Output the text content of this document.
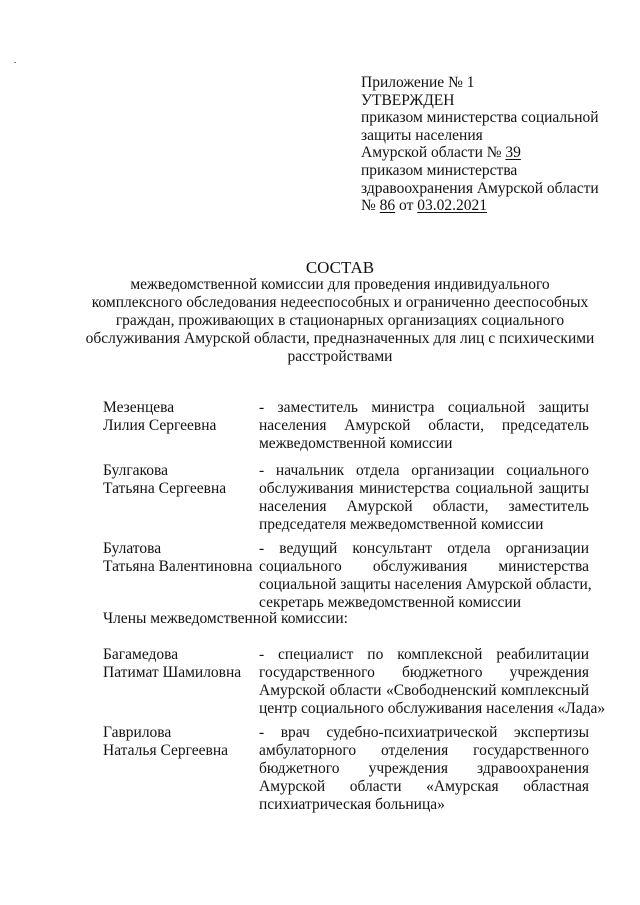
Приложение № 1
УТВЕРЖДЕН
приказом министерства социальной
защиты населения
Амурской области № 39
приказом министерства
здравоохранения Амурской области
№ 86 от 03.02.2021
СОСТАВ
межведомственной комиссии для проведения индивидуального
комплексного обследования недееспособных и ограниченно дееспособных
граждан, проживающих в стационарных организациях социального
обслуживания Амурской области, предназначенных для лиц с психическими
расстройствами
Мезенцева
Лилия Сергеевна
- заместитель министра социальной защиты
населения Амурской области, председатель
межведомственной комиссии
Булгакова
Татьяна Сергеевна
- начальник отдела организации социального
обслуживания министерства социальной защиты
населения Амурской области, заместитель
председателя межведомственной комиссии
Булатова
Татьяна Валентиновна
- ведущий консультант отдела организации
социального обслуживания министерства
социальной защиты населения Амурской области,
секретарь межведомственной комиссии
Члены межведомственной комиссии:
Багамедова
Патимат Шамиловна
- специалист по комплексной реабилитации
государственного бюджетного учреждения
Амурской области «Свободненский комплексный
центр социального обслуживания населения «Лада»
Гаврилова
Наталья Сергеевна
- врач судебно-психиатрической экспертизы
амбулаторного отделения государственного
бюджетного учреждения здравоохранения
Амурской области «Амурская областная
психиатрическая больница»
